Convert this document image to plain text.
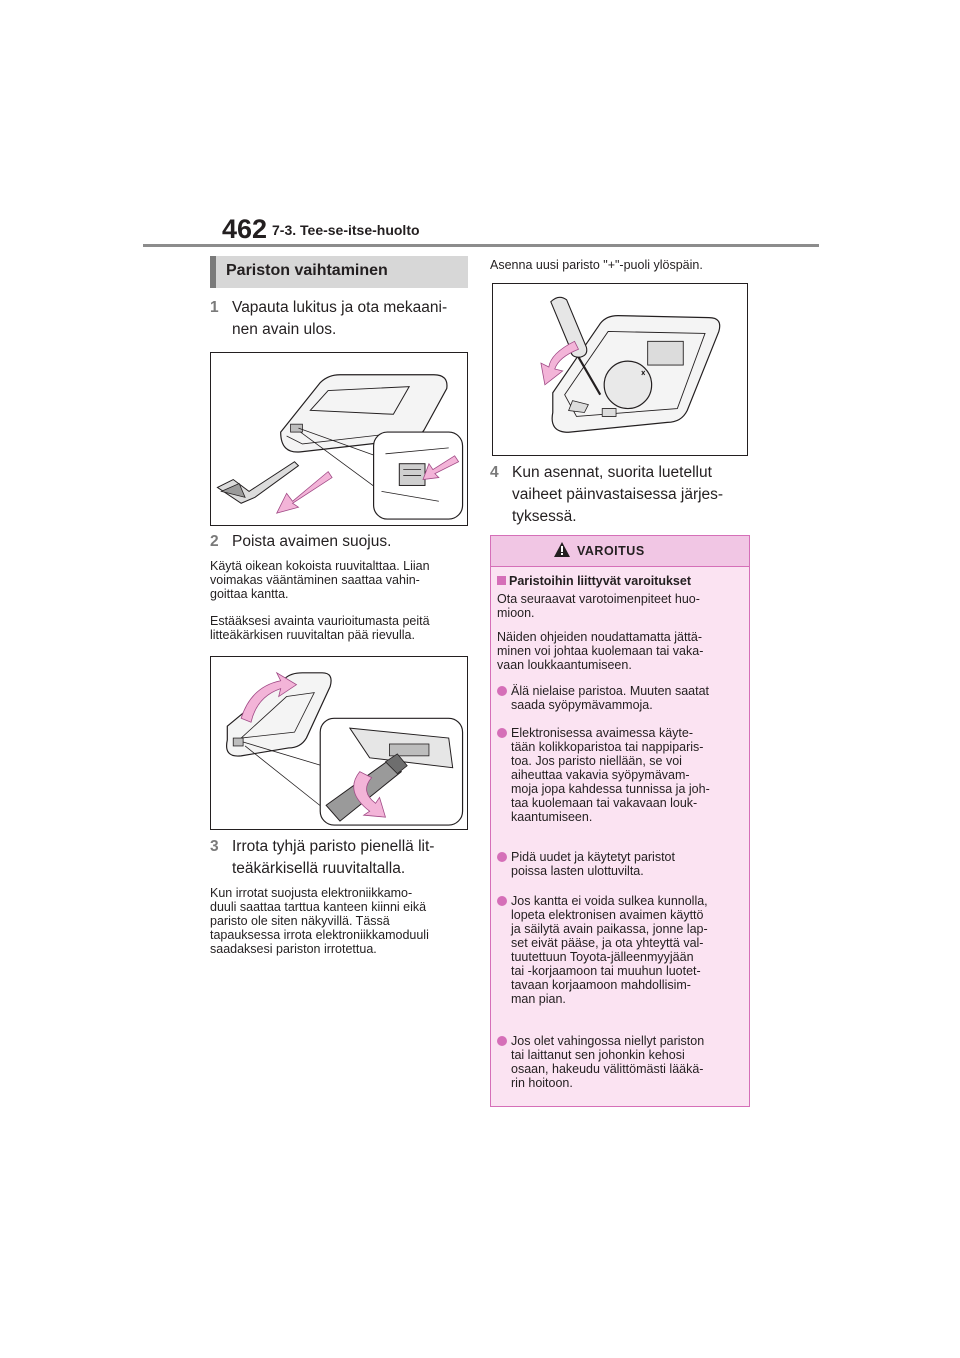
462 7-3. Tee-se-itse-huolto
Pariston vaihtaminen
1 Vapauta lukitus ja ota mekaani-
nen avain ulos.
2 Poista avaimen suojus.
Käytä oikean kokoista ruuvitalttaa. Liian
voimakas vääntäminen saattaa vahin-
goittaa kantta.
Estääksesi avainta vaurioitumasta peitä
litteäkärkisen ruuvitaltan pää rievulla.
3 Irrota tyhjä paristo pienellä lit-
teäkärkisellä ruuvitaltalla.
Kun irrotat suojusta elektroniikkamo-
duuli saattaa tarttua kanteen kiinni eikä
paristo ole siten näkyvillä. Tässä
tapauksessa irrota elektroniikkamoduuli
saadaksesi pariston irrotettua.
Asenna uusi paristo "+"-puoli ylöspäin.
4 Kun asennat, suorita luetellut
vaiheet päinvastaisessa järjes-
tyksessä.
VAROITUS
Paristoihin liittyvät varoitukset
Ota seuraavat varotoimenpiteet huo-
mioon.
Näiden ohjeiden noudattamatta jättä-
minen voi johtaa kuolemaan tai vaka-
vaan loukkaantumiseen.
Älä nielaise paristoa. Muuten saatat
saada syöpymävammoja.
Elektronisessa avaimessa käyte-
tään kolikkoparistoa tai nappiparis-
toa. Jos paristo niellään, se voi
aiheuttaa vakavia syöpymävam-
moja jopa kahdessa tunnissa ja joh-
taa kuolemaan tai vakavaan louk-
kaantumiseen.
Pidä uudet ja käytetyt paristot
poissa lasten ulottuvilta.
Jos kantta ei voida sulkea kunnolla,
lopeta elektronisen avaimen käyttö
ja säilytä avain paikassa, jonne lap-
set eivät pääse, ja ota yhteyttä val-
tuutettuun Toyota-jälleenmyyjään
tai -korjaamoon tai muuhun luotet-
tavaan korjaamoon mahdollisim-
man pian.
Jos olet vahingossa niellyt pariston
tai laittanut sen johonkin kehosi
osaan, hakeudu välittömästi lääkä-
rin hoitoon.
